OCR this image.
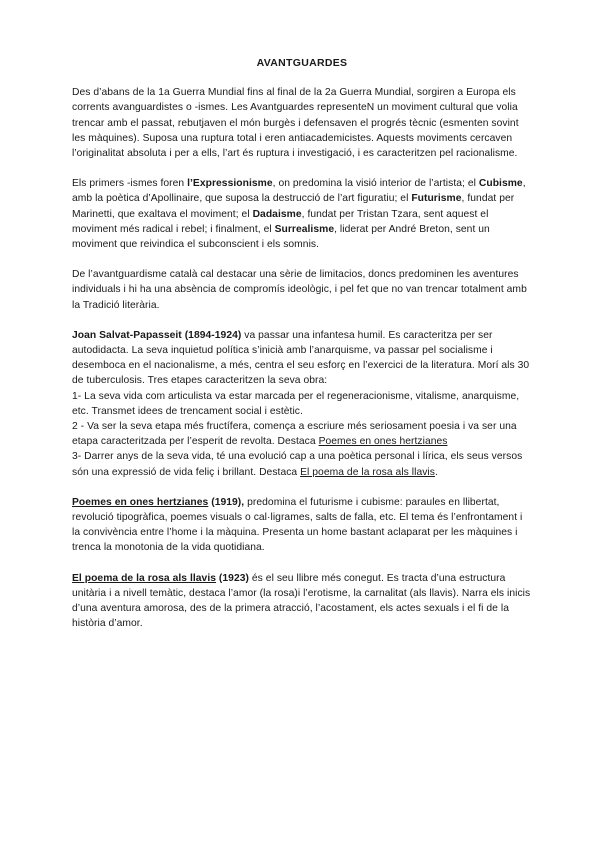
AVANTGUARDES

Des d’abans de la 1a Guerra Mundial fins al final de la 2a Guerra Mundial, sorgiren a Europa els corrents avanguardistes o -ismes. Les Avantguardes representeN un moviment cultural que volia trencar amb el passat, rebutjaven el món burgès i defensaven el progrés tècnic (esmenten sovint les màquines). Suposa una ruptura total i eren antiacademicistes. Aquests moviments cercaven l’originalitat absoluta i per a ells, l’art és ruptura i investigació, i es caracteritzen pel racionalisme.

Els primers -ismes foren l’Expressionisme, on predomina la visió interior de l’artista; el Cubisme, amb la poètica d’Apollinaire, que suposa la destrucció de l’art figuratiu; el Futurisme, fundat per Marinetti, que exaltava el moviment; el Dadaisme, fundat per Tristan Tzara, sent aquest el moviment més radical i rebel; i finalment, el Surrealisme, liderat per André Breton, sent un moviment que reivindica el subconscient i els somnis.

De l’avantguardisme català cal destacar una sèrie de limitacios, doncs predominen les aventures individuals i hi ha una absència de compromís ideològic, i pel fet que no van trencar totalment amb la Tradició literària.

Joan Salvat-Papasseit (1894-1924) va passar una infantesa humil. Es caracteritza per ser autodidacta. La seva inquietud política s’inicià amb l’anarquisme, va passar pel socialisme i desemboca en el nacionalisme, a més, centra el seu esforç en l’exercici de la literatura. Morí als 30 de tuberculosis. Tres etapes caracteritzen la seva obra:
1- La seva vida com articulista va estar marcada per el regeneracionisme, vitalisme, anarquisme, etc. Transmet idees de trencament social i estètic.
2 - Va ser la seva etapa més fructífera, comença a escriure més seriosament poesia i va ser una etapa caracteritzada per l’esperit de revolta. Destaca Poemes en ones hertzianes
3- Darrer anys de la seva vida, té una evolució cap a una poètica personal i lírica, els seus versos són una expressió de vida feliç i brillant. Destaca El poema de la rosa als llavis.

Poemes en ones hertzianes (1919), predomina el futurisme i cubisme: paraules en llibertat, revolució tipogràfica, poemes visuals o cal·ligrames, salts de falla, etc. El tema és l’enfrontament i la convivència entre l’home i la màquina. Presenta un home bastant aclaparat per les màquines i trenca la monotonia de la vida quotidiana.

El poema de la rosa als llavis (1923) és el seu llibre més conegut. Es tracta d’una estructura unitària i a nivell temàtic, destaca l’amor (la rosa)i l’erotisme, la carnalitat (als llavis). Narra els inicis d’una aventura amorosa, des de la primera atracció, l’acostament, els actes sexuals i el fi de la història d’amor.
